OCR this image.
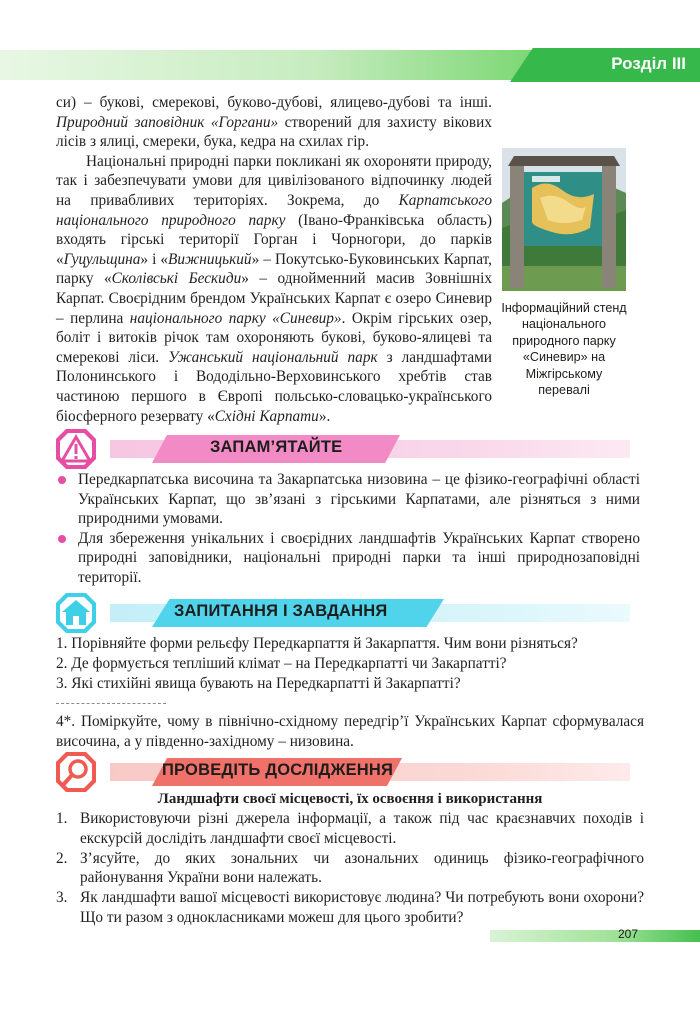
Розділ III

си) – букові, смерекові, буково-дубові, ялицево-дубові та інші. Природний заповідник «Горгани» створений для захисту вікових лісів з ялиці, смереки, бука, кедра на схилах гір.

Національні природні парки покликані як охороняти природу, так і забезпечувати умови для цивілізованого відпочинку людей на привабливих територіях. Зокрема, до Карпатського національного природного парку (Івано-Франківська область) входять гірські території Горган і Чорногори, до парків «Гуцульщина» і «Вижницький» – Покутсько-Буковинських Карпат, парку «Сколівські Бескиди» – однойменний масив Зовнішніх Карпат. Своєрідним брендом Українських Карпат є озеро Синевир – перлина національного парку «Синевир». Окрім гірських озер, боліт і витоків річок там охороняють букові, буково-ялицеві та смерекові ліси. Ужанський національний парк з ландшафтами Полонинського і Вододільно-Верховинського хребтів став частиною першого в Європі польсько-словацько-українського біосферного резервату «Східні Карпати».

Інформаційний стенд національного природного парку «Синевир» на Міжгірському перевалі
ЗАПАМ’ЯТАЙТЕ
Передкарпатська височина та Закарпатська низовина – це фізико-географічні області Українських Карпат, що зв’язані з гірськими Карпатами, але різняться з ними природними умовами.
Для збереження унікальних і своєрідних ландшафтів Українських Карпат створено природні заповідники, національні природні парки та інші природнозаповідні території.
ЗАПИТАННЯ І ЗАВДАННЯ
1. Порівняйте форми рельєфу Передкарпаття й Закарпаття. Чим вони різняться?
2. Де формується тепліший клімат – на Передкарпатті чи Закарпатті?
3. Які стихійні явища бувають на Передкарпатті й Закарпатті?
4*. Поміркуйте, чому в північно-східному передгір’ї Українських Карпат сформувалася височина, а у південно-західному – низовина.
ПРОВЕДІТЬ ДОСЛІДЖЕННЯ
Ландшафти своєї місцевості, їх освоєння і використання
1. Використовуючи різні джерела інформації, а також під час краєзнавчих походів і екскурсій дослідіть ландшафти своєї місцевості.
2. З’ясуйте, до яких зональних чи азональних одиниць фізико-географічного районування України вони належать.
3. Як ландшафти вашої місцевості використовує людина? Чи потребують вони охорони? Що ти разом з однокласниками можеш для цього зробити?
207
